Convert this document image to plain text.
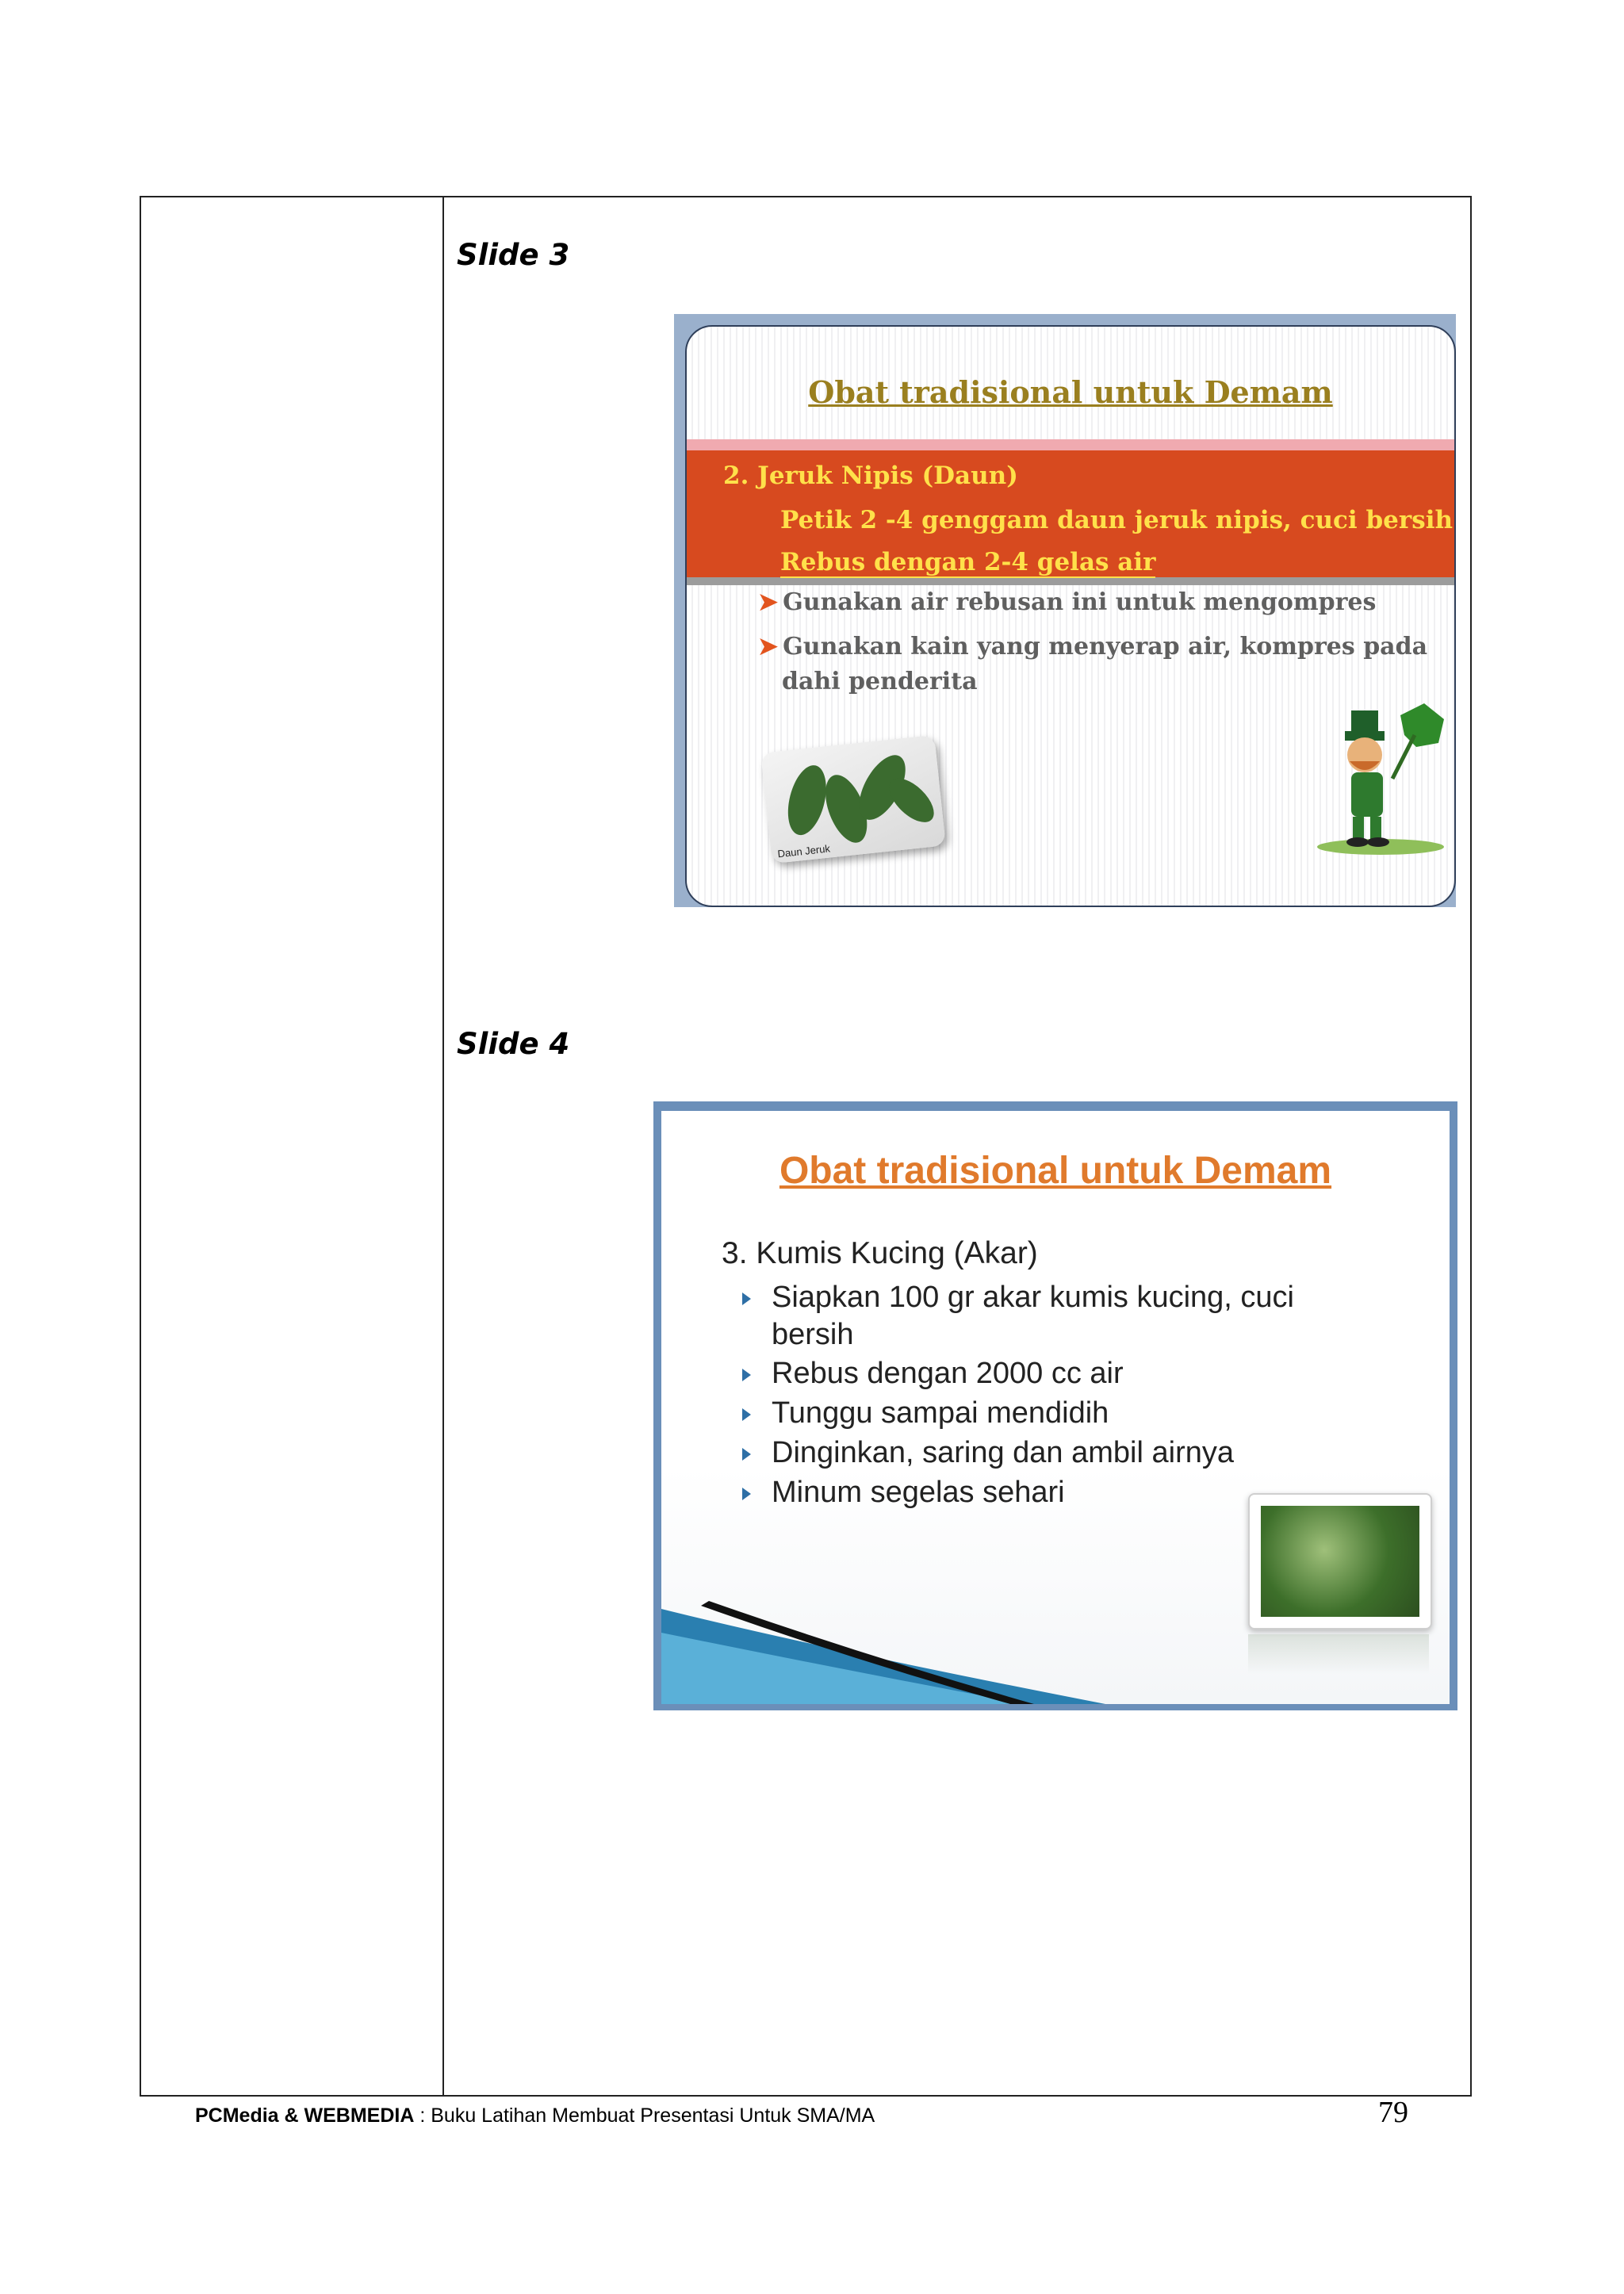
Slide 3
Obat tradisional untuk Demam
2. Jeruk Nipis (Daun)
Petik 2 -4 genggam daun jeruk nipis, cuci bersih
Rebus dengan 2-4 gelas air
➤ Gunakan air rebusan ini untuk mengompres
➤ Gunakan kain yang menyerap air, kompres pada
dahi penderita
Daun Jeruk
Slide 4
Obat tradisional untuk Demam
3. Kumis Kucing (Akar)
Siapkan 100 gr akar kumis kucing, cuci
bersih
Rebus dengan 2000 cc air
Tunggu sampai mendidih
Dinginkan, saring dan ambil airnya
Minum segelas sehari
PCMedia & WEBMEDIA : Buku Latihan Membuat Presentasi Untuk SMA/MA	79
